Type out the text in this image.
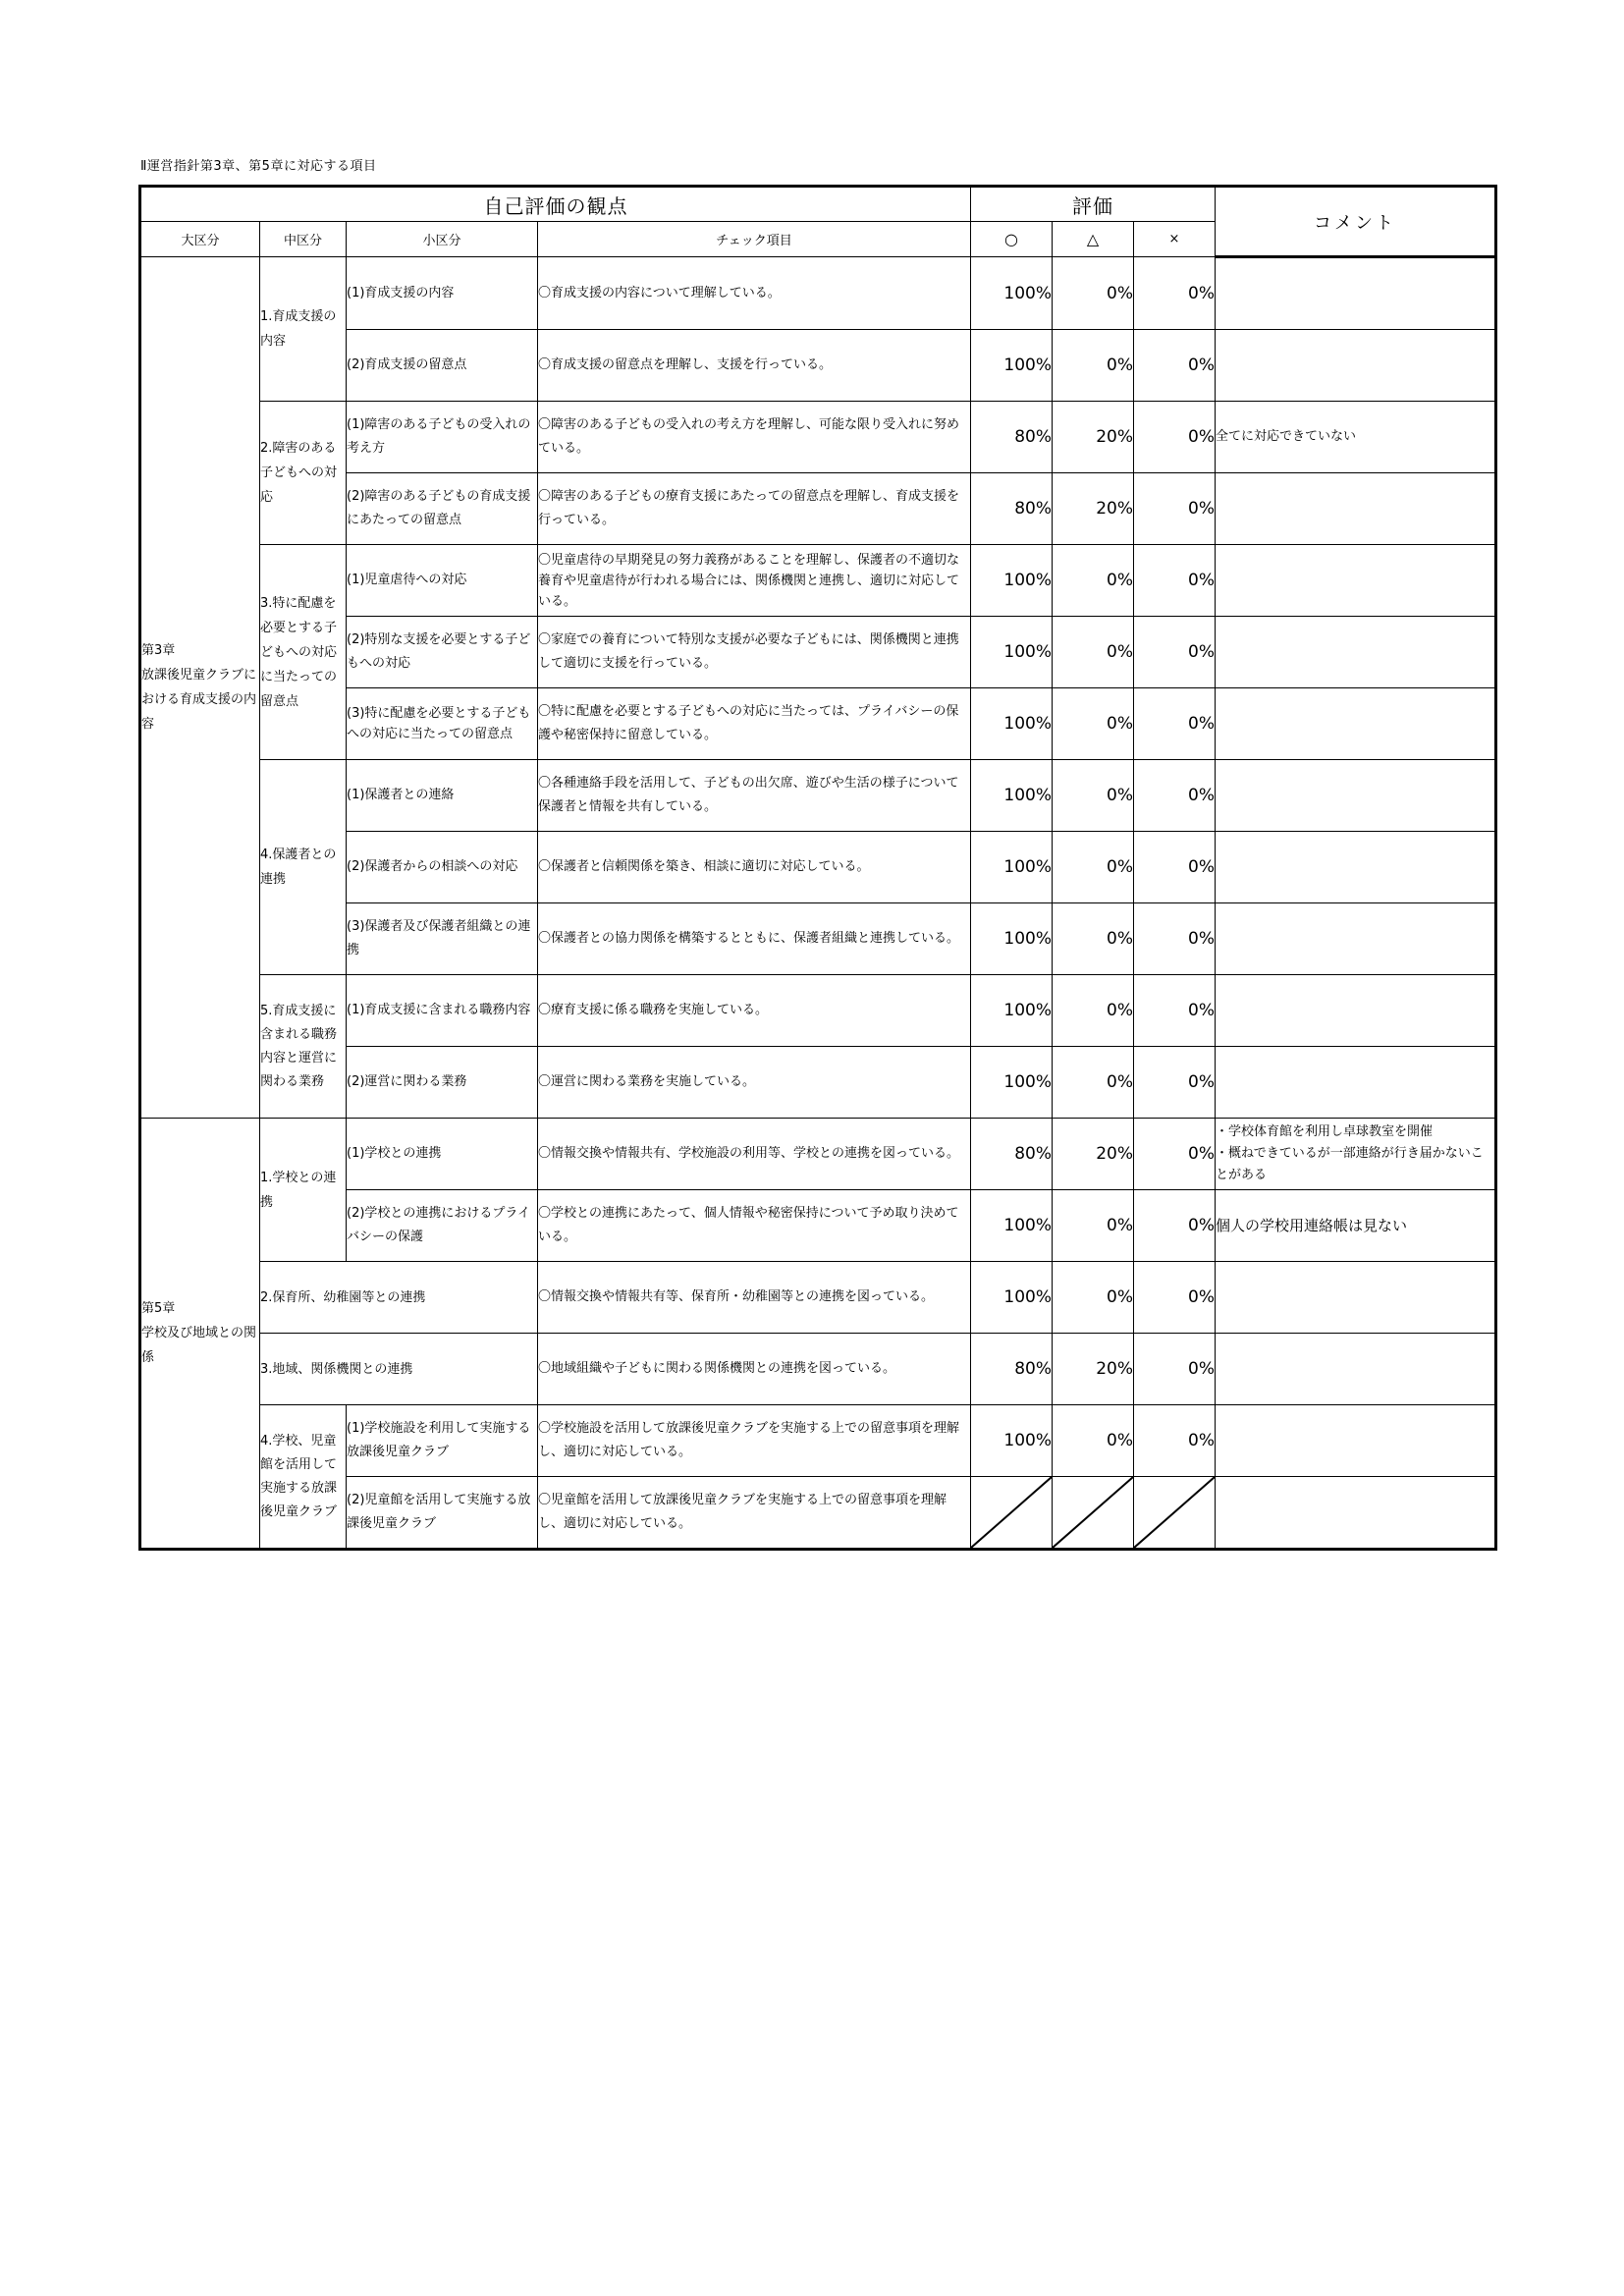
Ⅱ運営指針第3章、第5章に対応する項目
自己評価の観点				評価			コメント
大区分	中区分	小区分	チェック項目	○	△	×	
第3章
放課後児童クラブにおける育成支援の内容	1.育成支援の内容	(1)育成支援の内容	〇育成支援の内容について理解している。	100%	0%	0%	
		(2)育成支援の留意点	〇育成支援の留意点を理解し、支援を行っている。	100%	0%	0%	
	2.障害のある子どもへの対応	(1)障害のある子どもの受入れの考え方	〇障害のある子どもの受入れの考え方を理解し、可能な限り受入れに努めている。	80%	20%	0%	全てに対応できていない
		(2)障害のある子どもの育成支援にあたっての留意点	〇障害のある子どもの療育支援にあたっての留意点を理解し、育成支援を行っている。	80%	20%	0%	
	3.特に配慮を必要とする子どもへの対応に当たっての留意点	(1)児童虐待への対応	〇児童虐待の早期発見の努力義務があることを理解し、保護者の不適切な養育や児童虐待が行われる場合には、関係機関と連携し、適切に対応している。	100%	0%	0%	
		(2)特別な支援を必要とする子どもへの対応	〇家庭での養育について特別な支援が必要な子どもには、関係機関と連携して適切に支援を行っている。	100%	0%	0%	
		(3)特に配慮を必要とする子どもへの対応に当たっての留意点	〇特に配慮を必要とする子どもへの対応に当たっては、プライバシーの保護や秘密保持に留意している。	100%	0%	0%	
	4.保護者との連携	(1)保護者との連絡	〇各種連絡手段を活用して、子どもの出欠席、遊びや生活の様子について保護者と情報を共有している。	100%	0%	0%	
		(2)保護者からの相談への対応	〇保護者と信頼関係を築き、相談に適切に対応している。	100%	0%	0%	
		(3)保護者及び保護者組織との連携	〇保護者との協力関係を構築するとともに、保護者組織と連携している。	100%	0%	0%	
	5.育成支援に含まれる職務内容と運営に関わる業務	(1)育成支援に含まれる職務内容	〇療育支援に係る職務を実施している。	100%	0%	0%	
		(2)運営に関わる業務	〇運営に関わる業務を実施している。	100%	0%	0%	
第5章
学校及び地域との関係	1.学校との連携	(1)学校との連携	〇情報交換や情報共有、学校施設の利用等、学校との連携を図っている。	80%	20%	0%	・学校体育館を利用し卓球教室を開催
・概ねできているが一部連絡が行き届かないことがある

		(2)学校との連携におけるプライバシーの保護	〇学校との連携にあたって、個人情報や秘密保持について予め取り決めている。	100%	0%	0%	個人の学校用連絡帳は見ない
	2.保育所、幼稚園等との連携		〇情報交換や情報共有等、保育所・幼稚園等との連携を図っている。	100%	0%	0%	
	3.地域、関係機関との連携		〇地域組織や子どもに関わる関係機関との連携を図っている。	80%	20%	0%	
	4.学校、児童館を活用して実施する放課後児童クラブ	(1)学校施設を利用して実施する放課後児童クラブ	〇学校施設を活用して放課後児童クラブを実施する上での留意事項を理解し、適切に対応している。	100%	0%	0%	
		(2)児童館を活用して実施する放課後児童クラブ	〇児童館を活用して放課後児童クラブを実施する上での留意事項を理解し、適切に対応している。	
